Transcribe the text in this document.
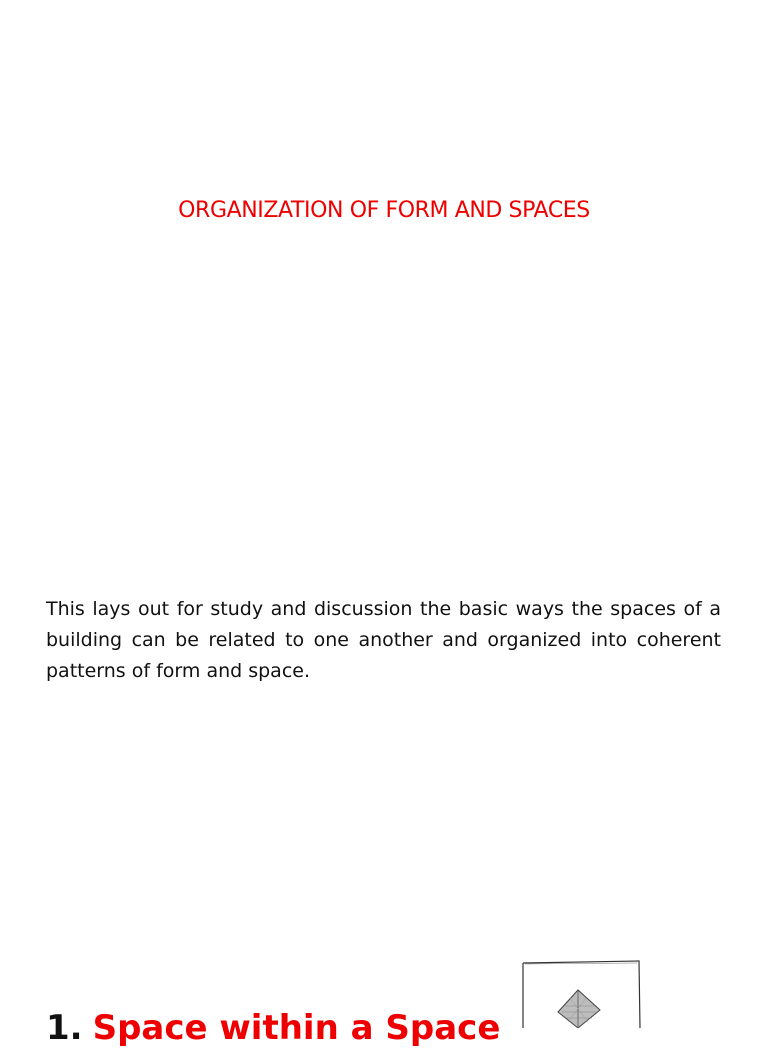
ORGANIZATION OF FORM AND SPACES

This lays out for study and discussion the basic ways the spaces of a building can be related to one another and organized into coherent patterns of form and space.

1. Space within a Space
